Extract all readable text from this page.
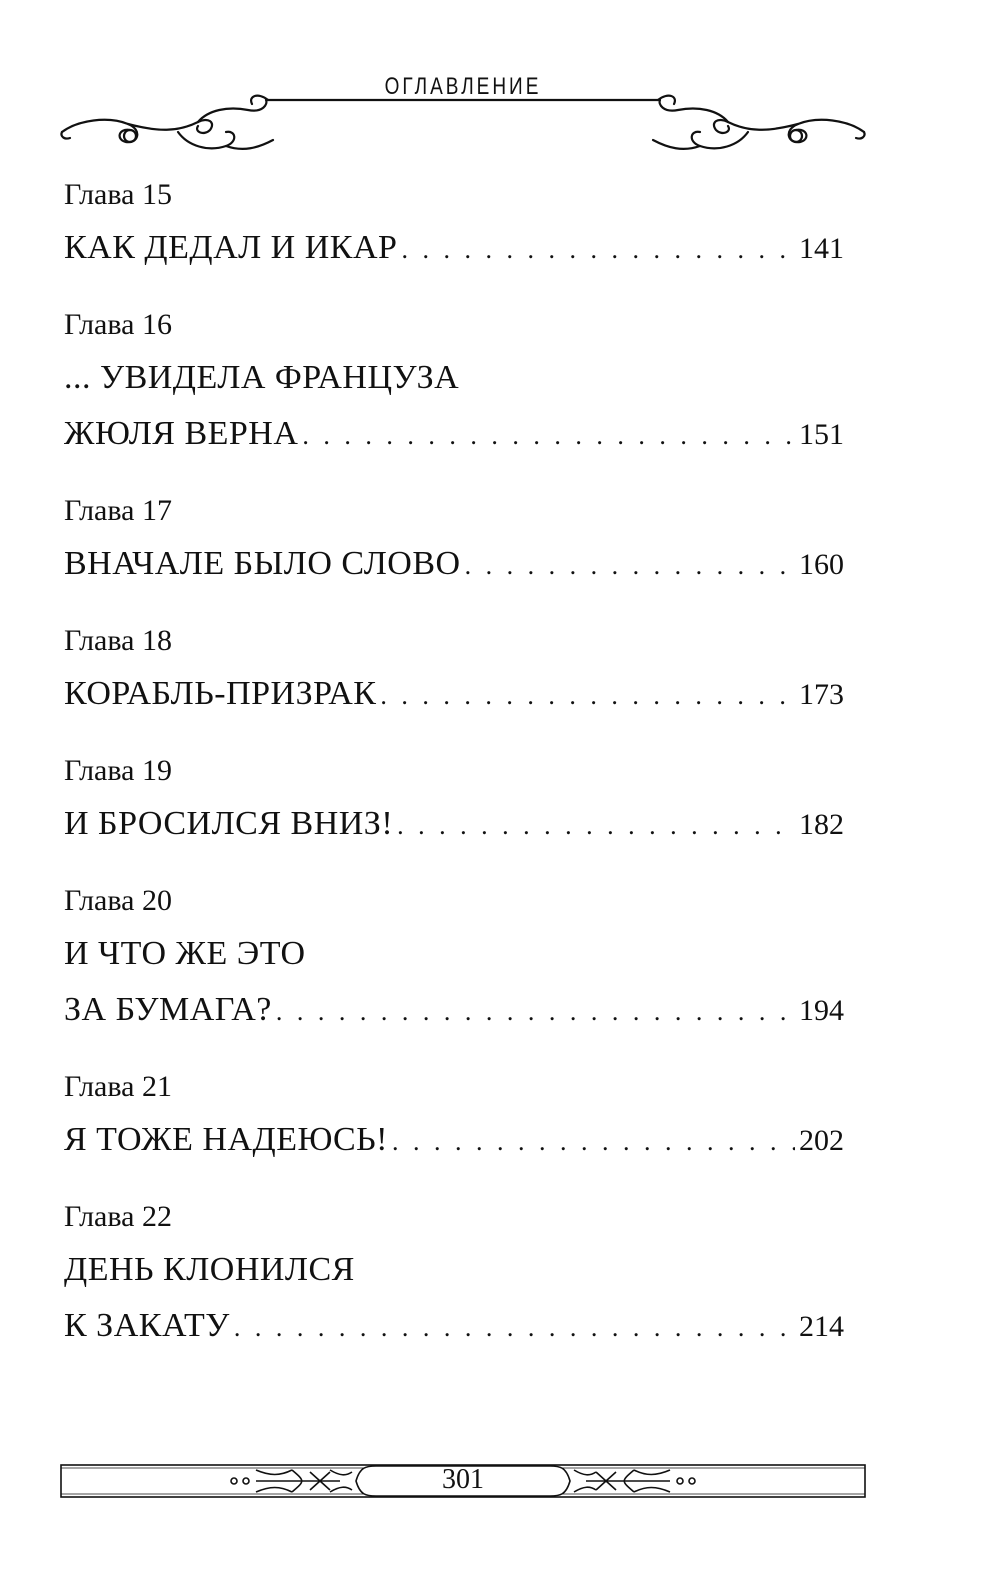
ОГЛАВЛЕНИЕ
Глава 15
КАК ДЕДАЛ И ИКАР . . .	141
Глава 16
... УВИДЕЛА ФРАНЦУЗА
ЖЮЛЯ ВЕРНА . . .	151
Глава 17
ВНАЧАЛЕ БЫЛО СЛОВО . . .	160
Глава 18
КОРАБЛЬ-ПРИЗРАК . . .	173
Глава 19
И БРОСИЛСЯ ВНИЗ! . . .	182
Глава 20
И ЧТО ЖЕ ЭТО
ЗА БУМАГА? . . .	194
Глава 21
Я ТОЖЕ НАДЕЮСЬ! . . .	202
Глава 22
ДЕНЬ КЛОНИЛСЯ
К ЗАКАТУ . . .	214
301
